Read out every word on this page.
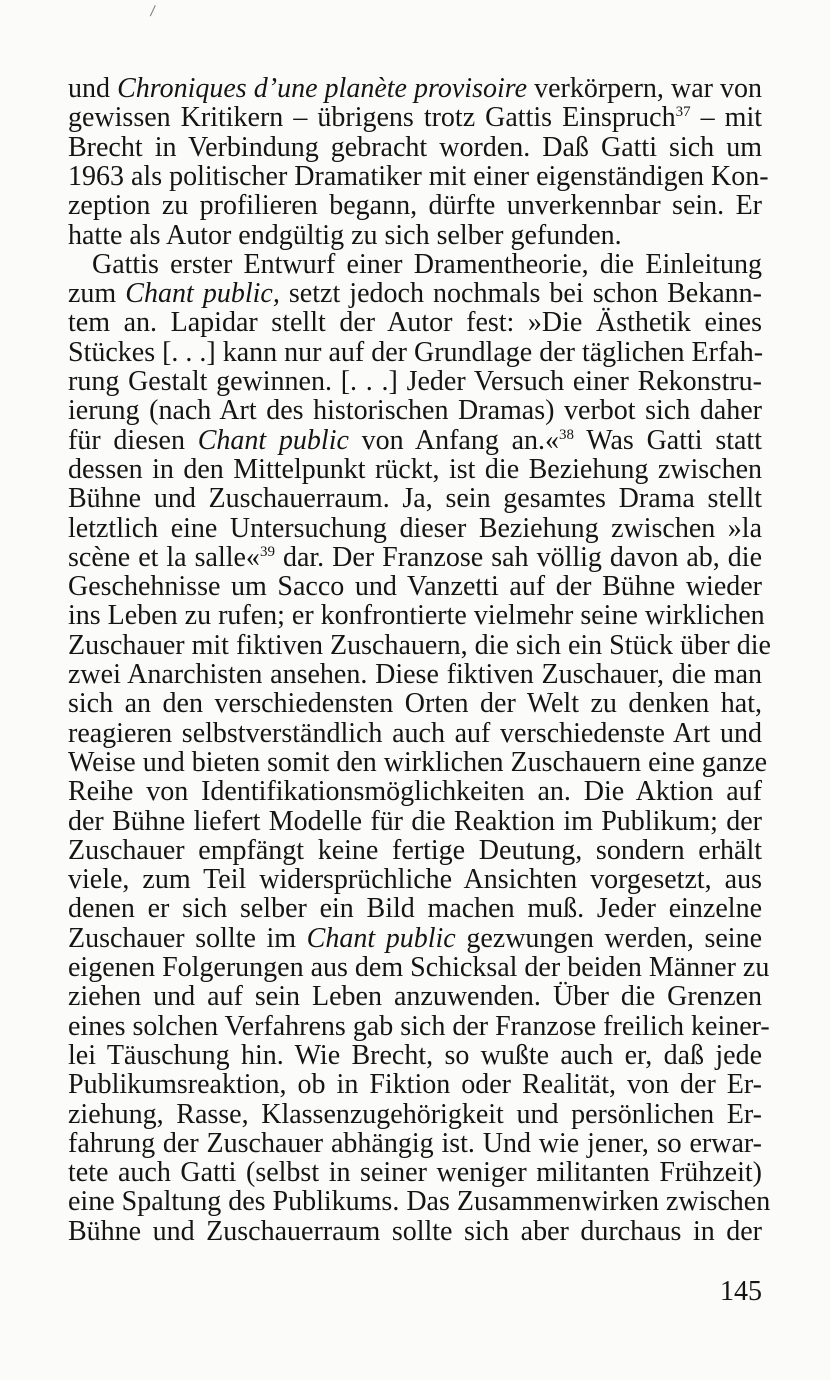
und Chroniques d’une planète provisoire verkörpern, war von
gewissen Kritikern – übrigens trotz Gattis Einspruch$^{37}$ – mit
Brecht in Verbindung gebracht worden. Daß Gatti sich um
1963 als politischer Dramatiker mit einer eigenständigen Kon-
zeption zu profilieren begann, dürfte unverkennbar sein. Er
hatte als Autor endgültig zu sich selber gefunden.
Gattis erster Entwurf einer Dramentheorie, die Einleitung
zum Chant public, setzt jedoch nochmals bei schon Bekann-
tem an. Lapidar stellt der Autor fest: »Die Ästhetik eines
Stückes [. . .] kann nur auf der Grundlage der täglichen Erfah-
rung Gestalt gewinnen. [. . .] Jeder Versuch einer Rekonstru-
ierung (nach Art des historischen Dramas) verbot sich daher
für diesen Chant public von Anfang an.«$^{38}$ Was Gatti statt
dessen in den Mittelpunkt rückt, ist die Beziehung zwischen
Bühne und Zuschauerraum. Ja, sein gesamtes Drama stellt
letztlich eine Untersuchung dieser Beziehung zwischen »la
scène et la salle«$^{39}$ dar. Der Franzose sah völlig davon ab, die
Geschehnisse um Sacco und Vanzetti auf der Bühne wieder
ins Leben zu rufen; er konfrontierte vielmehr seine wirklichen
Zuschauer mit fiktiven Zuschauern, die sich ein Stück über die
zwei Anarchisten ansehen. Diese fiktiven Zuschauer, die man
sich an den verschiedensten Orten der Welt zu denken hat,
reagieren selbstverständlich auch auf verschiedenste Art und
Weise und bieten somit den wirklichen Zuschauern eine ganze
Reihe von Identifikationsmöglichkeiten an. Die Aktion auf
der Bühne liefert Modelle für die Reaktion im Publikum; der
Zuschauer empfängt keine fertige Deutung, sondern erhält
viele, zum Teil widersprüchliche Ansichten vorgesetzt, aus
denen er sich selber ein Bild machen muß. Jeder einzelne
Zuschauer sollte im Chant public gezwungen werden, seine
eigenen Folgerungen aus dem Schicksal der beiden Männer zu
ziehen und auf sein Leben anzuwenden. Über die Grenzen
eines solchen Verfahrens gab sich der Franzose freilich keiner-
lei Täuschung hin. Wie Brecht, so wußte auch er, daß jede
Publikumsreaktion, ob in Fiktion oder Realität, von der Er-
ziehung, Rasse, Klassenzugehörigkeit und persönlichen Er-
fahrung der Zuschauer abhängig ist. Und wie jener, so erwar-
tete auch Gatti (selbst in seiner weniger militanten Frühzeit)
eine Spaltung des Publikums. Das Zusammenwirken zwischen
Bühne und Zuschauerraum sollte sich aber durchaus in der
145
